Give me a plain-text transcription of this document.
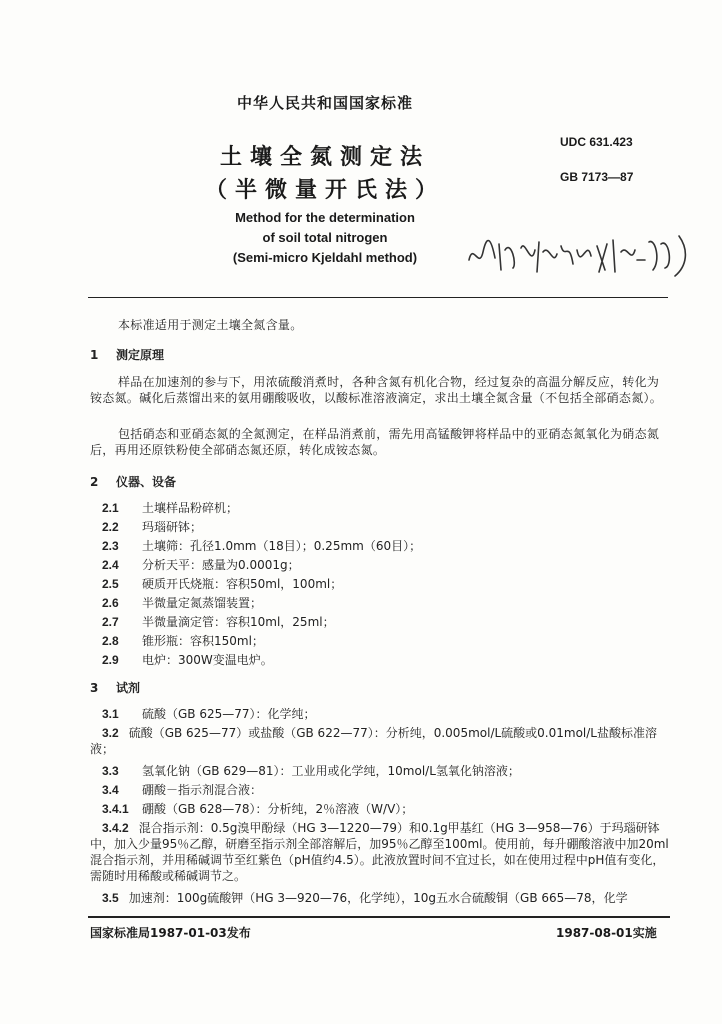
中华人民共和国国家标准
土壤全氮测定法
（半微量开氏法）
Method for the determination
of soil total nitrogen
(Semi-micro Kjeldahl method)
UDC 631.423
GB 7173—87
本标准适用于测定土壤全氮含量。
1 测定原理
样品在加速剂的参与下，用浓硫酸消煮时，各种含氮有机化合物，经过复杂的高温分解反应，转化为铵态氮。碱化后蒸馏出来的氨用硼酸吸收，以酸标准溶液滴定，求出土壤全氮含量（不包括全部硝态氮）。
包括硝态和亚硝态氮的全氮测定，在样品消煮前，需先用高锰酸钾将样品中的亚硝态氮氧化为硝态氮后，再用还原铁粉使全部硝态氮还原，转化成铵态氮。
2 仪器、设备
2.1 土壤样品粉碎机；
2.2 玛瑙研钵；
2.3 土壤筛：孔径1.0mm（18目）；0.25mm（60目）；
2.4 分析天平：感量为0.0001g；
2.5 硬质开氏烧瓶：容积50ml，100ml；
2.6 半微量定氮蒸馏装置；
2.7 半微量滴定管：容积10ml，25ml；
2.8 锥形瓶：容积150ml；
2.9 电炉：300W变温电炉。
3 试剂
3.1 硫酸（GB 625—77）：化学纯；
3.2 硫酸（GB 625—77）或盐酸（GB 622—77）：分析纯，0.005mol/L硫酸或0.01mol/L盐酸标准溶液；
3.3 氢氧化钠（GB 629—81）：工业用或化学纯，10mol/L氢氧化钠溶液；
3.4 硼酸－指示剂混合液：
3.4.1 硼酸（GB 628—78）：分析纯，2％溶液（W/V）；
3.4.2 混合指示剂：0.5g溴甲酚绿（HG 3—1220—79）和0.1g甲基红（HG 3—958—76）于玛瑙研钵中，加入少量95％乙醇，研磨至指示剂全部溶解后，加95％乙醇至100ml。使用前，每升硼酸溶液中加20ml混合指示剂，并用稀碱调节至红紫色（pH值约4.5）。此液放置时间不宜过长，如在使用过程中pH值有变化，需随时用稀酸或稀碱调节之。
3.5 加速剂：100g硫酸钾（HG 3—920—76，化学纯），10g五水合硫酸铜（GB 665—78，化学
国家标准局1987-01-03发布	1987-08-01实施
